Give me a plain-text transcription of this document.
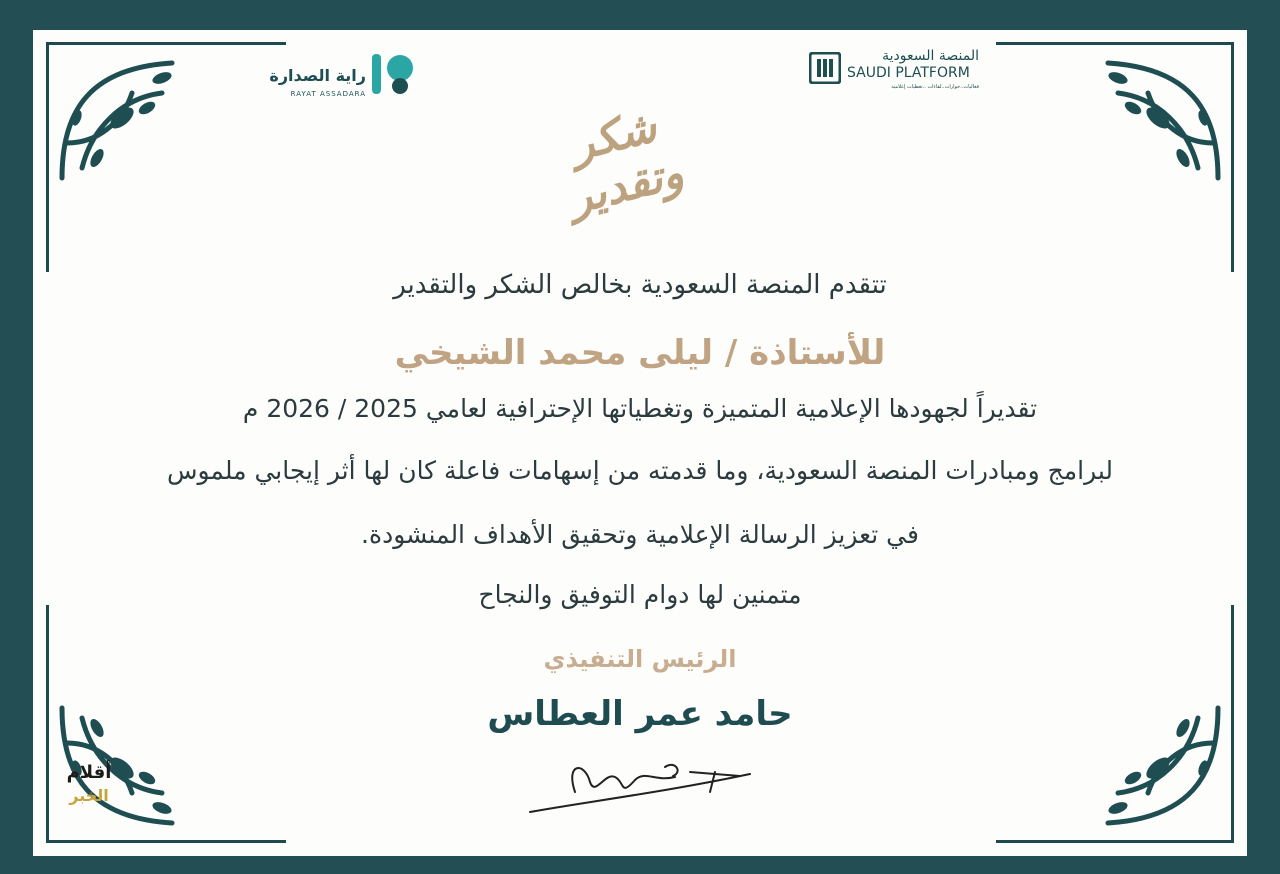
راية الصدارة
RAYAT ASSADARA
المنصة السعودية
SAUDI PLATFORM
فعاليات..حوارات..لقاءات ..تغطيات إعلامية
شكر وتقدير
تتقدم المنصة السعودية بخالص الشكر والتقدير
للأستاذة / ليلى محمد الشيخي
تقديراً لجهودها الإعلامية المتميزة وتغطياتها الإحترافية لعامي 2025 / 2026 م
لبرامج ومبادرات المنصة السعودية، وما قدمته من إسهامات فاعلة كان لها أثر إيجابي ملموس
في تعزيز الرسالة الإعلامية وتحقيق الأهداف المنشودة.
متمنين لها دوام التوفيق والنجاح
الرئيس التنفيذي
حامد عمر العطاس
أقلام
الخبر
